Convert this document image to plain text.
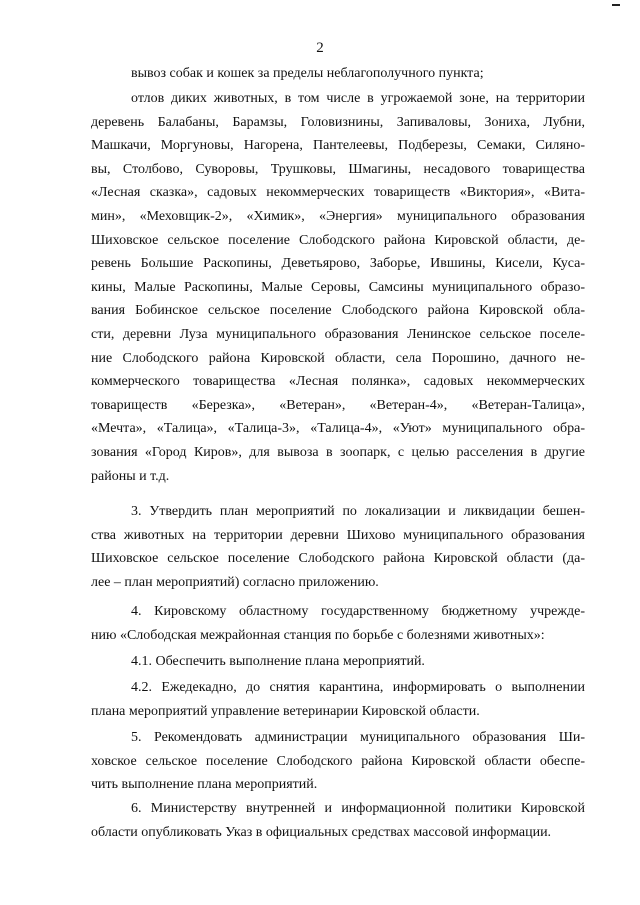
2
вывоз собак и кошек за пределы неблагополучного пункта;
отлов диких животных, в том числе в угрожаемой зоне, на территории
деревень Балабаны, Барамзы, Головизнины, Запиваловы, Зониха, Лубни,
Машкачи, Моргуновы, Нагорена, Пантелеевы, Подберезы, Семаки, Силяно-
вы, Столбово, Суворовы, Трушковы, Шмагины, несадового товарищества
«Лесная сказка», садовых некоммерческих товариществ «Виктория», «Вита-
мин», «Меховщик-2», «Химик», «Энергия» муниципального образования
Шиховское сельское поселение Слободского района Кировской области, де-
ревень Большие Раскопины, Деветьярово, Заборье, Ившины, Кисели, Куса-
кины, Малые Раскопины, Малые Серовы, Самсины муниципального образо-
вания Бобинское сельское поселение Слободского района Кировской обла-
сти, деревни Луза муниципального образования Ленинское сельское поселе-
ние Слободского района Кировской области, села Порошино, дачного не-
коммерческого товарищества «Лесная полянка», садовых некоммерческих
товариществ «Березка», «Ветеран», «Ветеран-4», «Ветеран-Талица»,
«Мечта», «Талица», «Талица-3», «Талица-4», «Уют» муниципального обра-
зования «Город Киров», для вывоза в зоопарк, с целью расселения в другие
районы и т.д.
3. Утвердить план мероприятий по локализации и ликвидации бешен-
ства животных на территории деревни Шихово муниципального образования
Шиховское сельское поселение Слободского района Кировской области (да-
лее – план мероприятий) согласно приложению.
4. Кировскому областному государственному бюджетному учрежде-
нию «Слободская межрайонная станция по борьбе с болезнями животных»:
4.1. Обеспечить выполнение плана мероприятий.
4.2. Ежедекадно, до снятия карантина, информировать о выполнении
плана мероприятий управление ветеринарии Кировской области.
5. Рекомендовать администрации муниципального образования Ши-
ховское сельское поселение Слободского района Кировской области обеспе-
чить выполнение плана мероприятий.
6. Министерству внутренней и информационной политики Кировской
области опубликовать Указ в официальных средствах массовой информации.
